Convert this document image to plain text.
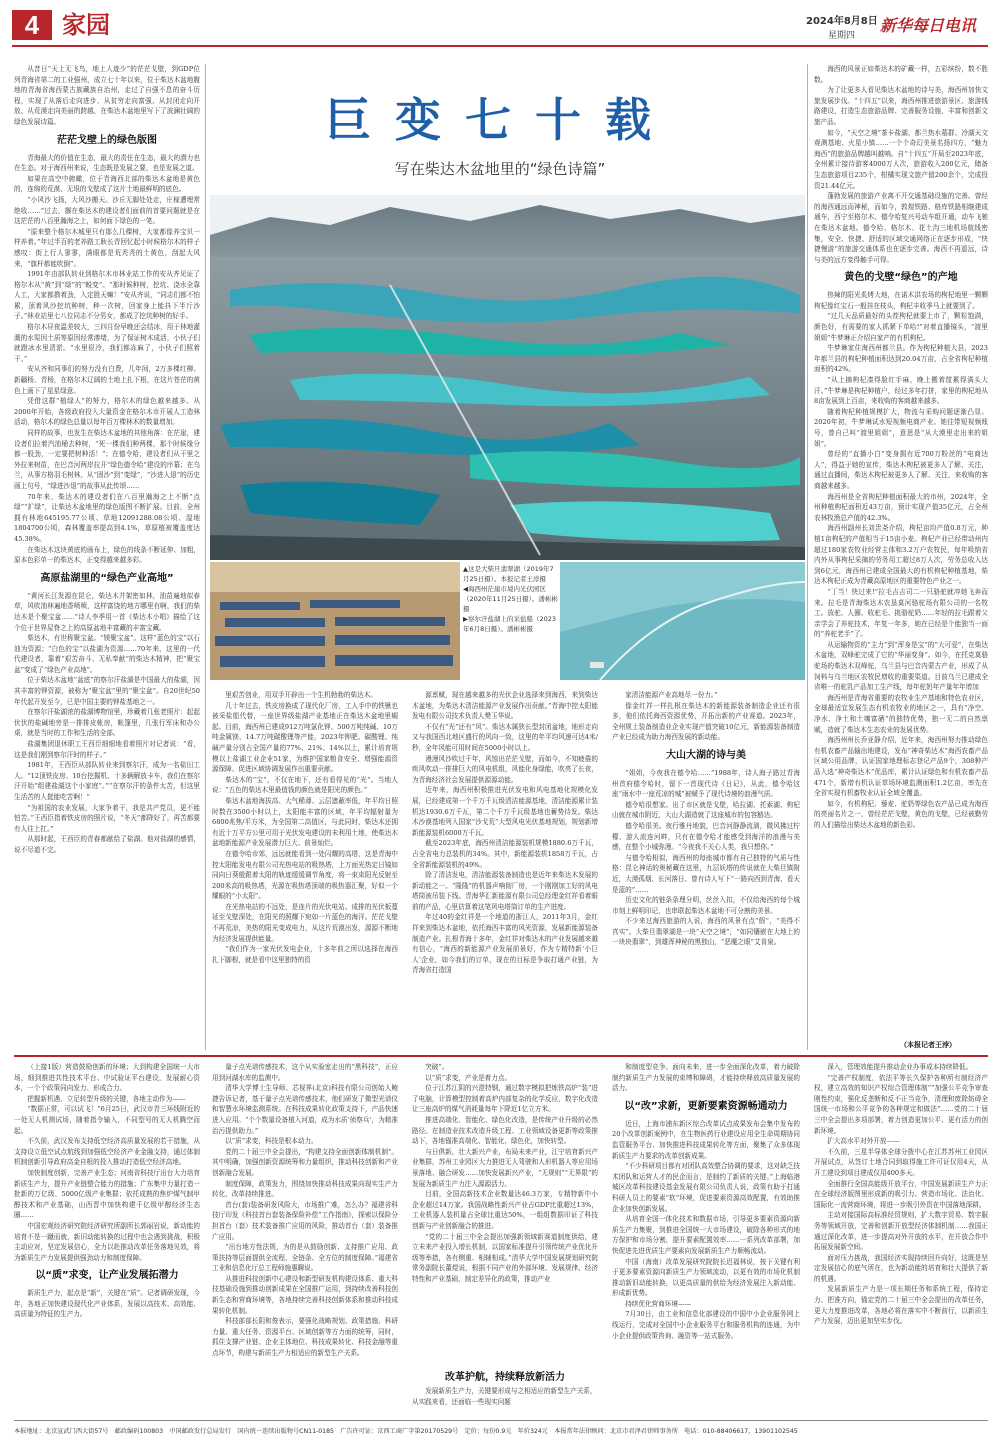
4 家园	2024年8月8日
星期四
新华每日电讯
巨变七十载
写在柴达木盆地里的“绿色诗篇”
▲这是大柴旦翡翠湖（2019年7月25日摄）。本报记者王浡摄
◀海西州茫崖市境内光伏园区（2020年11月25日摄）。潘彬彬摄
▶察尔汗盐湖上的采盐船（2023年6月8日摄）。潘彬彬摄

从昔日“天上无飞鸟，地上人迹少”的茫茫戈壁，到GDP位列青海省第二的工业强州，成立七十年以来，位于柴达木盆地腹地的青海省海西蒙古族藏族自治州，走过了自强不息的奋斗历程，实现了从落后走向进步、从贫穷走向富强、从封闭走向开放、从荒漠走向美丽的跨越，在柴达木盆地里写下了波澜壮阔的绿色发展诗篇。

茫茫戈壁上的绿色版图

青海最大的价值在生态，最大的责任在生态，最大的潜力也在生态。对于海西州来说，生态既是发展之要，也是发展之道。

如果在高空中俯瞰，位于青海西北部的柴达木盆地是黄色的，连绵的荒漠、无垠的戈壁成了这片土地最鲜明的底色。

“小风沙飞扬，大风沙搬天。沙丘无脚处处走，庄稼遭埋常绝收……”过去，撂在柴达木的建设者们面前的首要问题就是在这茫茫的八百里瀚海之上，如何面下绿色的一笔。

“原来整个格尔木城里只有那么几棵树，大家都像养宝贝一样养着。”年过半百的老养路工耿长青回忆起小时候格尔木的样子感叹：街上行人寥寥，满眼都是荒秃秃的土黄色，刮起大风来，“旗杆都能吹倒”。

1991年由部队转业到格尔木市林业站工作的安从齐见证了格尔木从“黄”到“绿”的“蜕变”。“那时候种树，挖坑、浇水全靠人工，大家都撸着劲，入定胜天嘛！”安从齐说，“同志们都不怕累，顶着风沙挖坑种树，种一次树，回家身上能抖下半斤沙子。”林业站里七八位同志不分男女，都成了挖坑种树的好手。

格尔木昼夜温差较大，三四月份早晚还会结冰，用于林地灌溉的水渠因土质等原因经常渗堵，为了保证树木成活，小伙子们就蹬冰水里清淤。“水里很冷，我们都冻麻了，小伙子们照着干。”

安从齐和同事们的努力没有白费，几年间，2万多棵红柳、新疆杨、青杨，在格尔木辽阔的土地上扎下根，在这片苍茫的黄色上画下了星星绿意。

凭借这群“植绿人”的努力，格尔木的绿色越来越多。从2000年开始，各级政府投入大量资金在格尔木市开展人工造林活动，格尔木的绿色总量以每年百万棵林木的数量增加。

同样的故事，也发生在柴达木盆地的其他角落：在茫崖，建设者们拉着汽油桶去种树，“死一棵我们种两棵，那个时候缘分都一股劲，一定要把树种活！”；在德令哈，建设者们从干里之外拉来树苗，在巴音河两岸拉开“绿色德令哈”建设的序幕；在乌兰，从事方格羽毛树林，从“固沙”到“变绿”，“沙进人退”的历史画上句号，“绿进沙退”的故事从此传颂……

70年来，柴达木的建设者们在八百里瀚海之上不断“点绿”“扩绿”，让柴达木盆地里的绿色版图不断扩展。目前，全州拥有林地645195.77公顷、草地12091288.08公顷、湿地1804700公顷，森林覆盖率提高到4.1%，草原植被覆盖度达45.38%。

在柴达木这块黄底的画布上，绿色的线条不断延伸、加粗，原本色彩单一的柴达木，正变得越来越多彩。

高原盐湖里的“绿色产业高地”

“黄河长江发源在昆仑，柴达木井架密如林，油苗遍地似春草，风吹油林遍地香喷喷，这样富饶的地方哪里有啊，我们的柴达木是个聚宝盆……”诗人李季用一首《柴达木小唱》描绘了这个位于世界屋脊之上的高原盆地丰富藏的丰富宝藏。

柴达木，有世称聚宝盆。“镁聚宝盆”。这样“蓝色的宝”以石油为资源；“白色的宝”以盐湖为资源……70年来，这里的一代代建设者，靠着“艰苦奋斗、无私奉献”的柴达木精神，把“聚宝盆”变成了“绿色产业高地”。

位于柴达木盆地“盆底”的察尔汗盐湖是中国最大的盐湖，因其丰富的钾资源，被称为“聚宝盆”里的“聚宝盆”。自20世纪50年代起开发至今，已是中国主要的钾盐基地之一。

在察尔汗盐湖浓的盐湖博物馆里，珍藏着几张老照片：起起伏伏的盐碱地旁是一排排皮帐房，帐篷里，几张行军床和办公桌，就是当时的工作和生活的全部。

盐湖集团退休职工王西臣细细地看着照片对记者说：“看，这是我们刚到察尔汗时的样子。”

1981年，王西臣从部队转业来到察尔汗，成为一名盐田工人。“12顶铁皮房、10台挖掘机、十多辆解放卡车，我们在察尔汗开始“组建盐湖这个小家庭”。”“在察尔汗的条件太苦，但这里生活苦的人挺能吃苦啊！”

“为祖国的农业发展，大家争着干，我是共产党员，更不能怕苦。”王西臣指着铁皮房的照片说，“冬天”都降好了，再苦都要有人往上扛。”

从那时起，王西臣的青春都献给了盐湖。他对盐湖的感情，说不尽道不完。

里艰苦创业，用双手开辟出一个生机勃勃的柴达木。

几十年过去，铁皮房换成了现代化厂房，工人手中的铁锹也被采盐船代替，一座世界级盐湖产业基地正在柴达木盆地里崛起。目前，海西州已建成912万吨氯化钾、500万吨纯碱、10万吨金属镁、14.7万吨碳酸锂等产能，2023年钾肥、碳酸锂、纯碱产量分别占全国产量的77%、21%、14%以上，累计培育规模以上盐湖工业企业51家，为维护国家粮食安全、增强能源资源保障、促进区域协调发展作出重要贡献。

柴达木的“宝”，不仅在地下，还有看得见的“光”。当地人说：“五色的柴达木里最值钱的颜色就是阳光的颜色。”

柴达木盆地海拔高、大气稀薄、云层遮蔽率低，年平均日照时数在3500小时以上，太阳能丰富的区域，年平均辐射量为6800兆焦/平方米，为全国第二高值区，与此同时，柴达木还拥有近十万平方公里可用于光伏发电建设的未利用土地，使柴达木盆地新能源产业发展潜力巨大、前景灿烂。

在德令哈市郊，远远就能看到一处闪耀的高塔，这是青海中控太阳能发电有限公司光热电站的吸热塔，上万面光热定日镜如同向日葵般跟着太阳的轨迹缓缓调节角度，将一束束阳光反射至200米高的吸热塔，光源在吸热塔顶端的吸热器汇聚，好似一个耀眼的“小太阳”。

在光热电站的不远处，是连片的光伏电站。成排的光伏板蔓延至戈壁深处，在阳光的照耀下宛如一片蓝色的海洋。茫茫戈壁不再荒凉，美热的阳光变成电力，从这片荒漠出发，源源不断地为经济发展提供能量。

“我们作为一家光伏发电企业，十多年前之所以选择在海西扎下脚根，就是看中这里独特的资

源禀赋，现在越来越多的光伏企业选择来到海西，来到柴达木盆地，为柴达木清洁能源产业发展作出贡献。”青海中控太阳能发电有限公司技术负责人樊玉华说。

不仅有“光”还有“风”。柴达木属狭长型封闭盆地，地形走向又与我国西北地区盛行的风向一致，这里的年平均风速可达4米/秒，全年风能可用时间在5000小时以上。

漫漫风沙吹过千年，风蚀出茫茫戈壁，而如今，不知疲倦的疾风吹动一排排巨大的风电机组，风能化身绿能，吹亮了长夜，为青海经济社会发展提供源源动能。

近年来，海西州积极推进光伏发电和风电基地化规模化发展，已经建成第一个千万千瓦级清洁能源基地，清洁能源累计装机达1930.6万千瓦，第二个千万千瓦级基地也蓄势待发。柴达木沙漠基地列入国家“沙戈荒”大型风电光伏基地规划，规划新增新能源装机6000万千瓦。

截至2023年底，海西州清洁能源装机规模1880.6万千瓦，占全省电力总装机的34%。其中，新能源装机1858万千瓦，占全省新能源装机的49%。

除了清洁发电，清洁能源装备制造也是近年来柴达木发展的新动能之一。“隆隆”的机器声响彻厂房，一个刚刚加工好的风电塔筒被吊装下线。青海华汇新能源有限公司总经理金红祥看着眼前的产品，心里估算着这笔风电塔筒订单的生产进度。

年过40的金红祥是一个地道的浙江人，2011年3月，金红祥来到柴达木盆地，依托海西丰富的风光资源，发展新能源装备制造产业。扎根青海十多年，金红祥对柴达木的产业发展越来越有信心，“海西的新能源产业发展前景好，作为专精特新‘小巨人’企业，如今我们的订单，现在的目标是争取打通产业链，为青海省打造国

家清洁能源产业高地尽一份力。”

像金红祥一样扎根在柴达木的新能源装备制造企业还有很多，他们依托海西资源优势，开拓出新的产业赛道。2023年，全州规上装备制造业企业实现产值突破10亿元，新能源装备制造产业已经成为助力海西发展的新动能。

大山大湖的诗与美

“姐姐，今夜我在德令哈……”1988年，诗人海子路过青海州首府德令哈时，留下一首现代诗《日记》，从此，德令哈这座“雨水中一座荒凉的城”被赋予了现代诗境的浪漫气质。

德令哈很想家。出了市区就是戈壁，哈拉湖、托素湖、枸杞山就在城市附近，大山大湖造就了这座城市的包容豁达。

德令哈很美。夜行雅丹地貌，巴音河静静流淌，微风拂过柠檬、游人流连河畔，只有在德令哈才能感受到海洋的浪漫与美感，在整个小城弥漫。“今夜我不关心人类，我只想你。”

与德令哈相似，海西州的每座城市都有自己独特的气质与性格：昆仑神话的奥秘藏在这里，九层妖塔的传说就在大柴旦镇附近，大漠孤烟、长河落日、曾有诗人写下“一路向西到青海，看天是蓝的”……

历史文化的链条条理分明，丝丝入扣，不仅给海西的每个城市刻上鲜明印记，也串联起柴达木盆地不可分割的美景。

不少来过海西旅游的人说，海西的风景有点“假”，“美得不真实”。大柴旦翡翠湖是一块“天空之境”，“如同镶嵌在大地上的一块块翡翠”，到雄浑神秘的黑独山，“恶魔之眼”艾肯泉。

海西的风景正如柴达木的矿藏一样，五彩缤纷，数不胜数。

为了让更多人看见柴达木盆地的诗与美，海西州加快文旅发展步伐。“十四五”以来，海西州推进旅游景区、旅游线路建设，打造生态旅游品牌、完善服务设施，丰富和创新文旅产品。

如今，“天空之境”茶卡盐湖、都兰热水墓群、冷湖天文观测基地、火星小镇……一个个奇幻美景名扬四方，“魅力海西”的旅游品牌越叫越响。自“十四五”开局至2023年底，全州累计接待游客4000万人次，旅游收入200亿元，储备生态旅游项目235个，柑橘实现文旅产值200余个，完成投资21.44亿元。

蓬勃发展的旅游产业离不开交通基础设施的完善。曾经的海西通远而神秘，而如今，敦煌铁路、格库铁路相继建成通车，西宁至格尔木、德令哈复兴号动车组开通，动车飞驰在柴达木盆地。德令哈、格尔木、花土沟三地机场航线密集，安全、快捷、舒适的区域交通网络正在逐步形成，“快捷慢游”的旅游交通体系也在逐步完善。海西不再遥远，诗与美的远方变得触手可得。

黄色的戈壁“绿色”的产地

热辣的阳光炙烤大地，在诺木洪农场的枸杞地里一颗颗枸杞像红宝石一般挂在枝头，枸杞丰收季马上就要到了。

“过几天品质最好的头茬枸杞就要上市了，颗粒饱满，颜色好，有需要的家人抓紧下单哈!”对着直播镜头，“渡里姐姐”牛梦琳正介绍自家产的有机枸杞。

牛梦琳家住海西州都兰县。作为枸杞种植大县，2023年都兰县的枸杞种植面积达到20.04万亩，占全省枸杞种植面积的42%。

“从上摘枸杞凑得脸红手麻，晚上搬着筐累得满头大汗。”牛梦琳是枸杞种植户，经过多年打拼，家里的枸杞地从8亩发展到上百亩，来收购的客商越来越多。

随着枸杞种植规模扩大，物流与采购问题逐渐凸显。2020年初，牛梦琳试水短视频电商产业。她往带短视频账号，曾自己叫“渡里姐姐”，意思是“从大漠里走出来的姐姐”。

曾经的“直播小白”变身拥有近700万粉丝的“电商达人”，得益于她的宣传，柴达木枸杞被更多人了解、关注，通过直播间，柴达木枸杞被更多人了解、关注，来收购的客商越来越多。

海西州是全省枸杞种植面积最大的市州，2024年，全州种植枸杞面积近43万亩，预计实现产值35亿元，占全州农林牧渔总产值的42.3%。

海西州副州长刘贵尧介绍，枸杞亩均产值0.8万元，种植1亩枸杞的产值相当于15亩小麦。枸杞产业已经带动州内超过180家农牧业经营主体和3.2万户农牧民，每年吸纳省内外从事枸杞采摘的劳务用工超过8万人次，劳务总收入达到6亿元，海西州已建成全国最大的有机枸杞种植基地，柴达木枸杞正成为青藏高原地区的重要特色产业之一。

“丁当！快过来!”拉毛吉吉司二一只骆驼就冲她飞奔而来。拉毛是青海柴达木农垦莫河骆驼场有限公司的一名牧工。放驼、人圈、收驼毛、挑骆驼奶……年轻的拉毛跟着父亲学会了养驼技术，年复一年多，她在已经是个能独当一面的“养驼老手”了。

从运输物资的“主力”到“浑身是宝”的“大可爱”，在柴达木盆地，双峰驼完成了它的“华丽变身”。如今，在托克莫骆驼场的柴达木双峰驼，乌兰县与巴音内蒙古产业，形成了从饲料与乌兰地区农牧民增收的重要渠道。目前乌兰已建成全省唯一的驼乳产品加工生产线，每年驼奶年产量年年增加

海西州是青海省重要的农牧业生产基地和特色农业区，全球最适宜发展生态有机农牧业的地区之一，具有“净空、净水、净土和土壤富硒”的独特优势，独一无二的自然禀赋，造就了柴达木生态农业的发展优势。

海西州州长乔亚静介绍，近年来，海西州努力推动绿色有机农畜产品输出地建设，发布“神奇柴达木”海西农畜产品区域公用品牌，认证国家地理标志登记产品9个，308种产品入选“神奇柴达木”优品库，累计认证绿色和有机农畜产品471个，新增有机认证草场环境监测面积1.2亿亩，率先在全省实现有机畜牧业认证全域全覆盖。

如今，有机枸杞、藜麦、驼奶等绿色农产品已成为海西的亮丽名片之一，曾经茫茫戈壁，黄色的戈壁，已经被勤劳的人们描绘出柴达木盆地的新色彩。

（本报记者王浡）

（上接1版）营造鼓励创新的环境；大到构建全国统一大市场，细到推进共性技术平台、中试验证平台建设，发展耐心资本，一个个政策同向发力、形成合力。

把握新机遇、立足转型升级的关键，各地主动作为——

“数据正常，可以试飞！”6月25日，武汉市青三环线附近的一处无人机测试场，随着指令输入，不同型号的无人机腾空而起。

不久前，武汉发布支持低空经济高质量发展的若干措施，从支持设立低空试点航线到加强低空经济产业金融支持，通过体制机制创新引导政府高金自根的投入推动打造低空经济高地。

加快制度创新，完善产业生态；河南省科技厅出台大力培育新质生产力，提升产业链整合能力的措施；广东集中力量打造一批新的万亿级、5000亿级产业集群；依托成熟的焦炉煤气制甲醇技术和产业基础，山西晋中加快构建千亿级甲醇经济生态圈……

中国宏观经济研究院经济研究所副所长郭丽岩说，新动能的培育不是一蹴而就，新旧动能转换的过程中也会遇到挑战，积极主动应对，坚定发展信心，全力以赴推动改革任务落地见效，将为新质生产力发展提供强劲动力和制度保障。

以“质”求变，让产业发展拓潜力

新质生产力，起点是“新”，关键在“质”。记者调研发现，今年，各地正加快建设现代化产业体系，发展以高技术、高效能、高质量为特征的生产力。

量子点光谱传感技术，这个从实验室走出的“黑科技”，正应用到河湖水库的监测中。

清华大学博士生导师、芯视界(北京)科技有限公司创始人鲍捷告诉记者，基于量子点光谱传感技术，他们研发了微型光谱仪和智慧水环境监测系统。在科技成果转化政策支持下，产品快速进入应用。“个个数量设备植入河道，成为水质‘侦察兵’，为精准治污提供助力。”

以“质”求变，科技是根本动力。

党的二十届三中全会提出，“构建支持全面创新体制机制”。其中明确，加强创新资源统筹和力量组织，推动科技创新和产业创新融合发展。

制度保障，政策发力，围绕加快推动科技成果向现实生产力转化，改革持续推进。

首台(套)装备研发风险大，市场推广难，怎么办？福建省科技厅印发《科技首台套装备保险补偿”工作指南》，探索以保险分担首台（套）技术装备推广应用的风险，推动首台（套）装备推广应用。

“出台地方性法规，为的是从鼓励创新、支持推广应用、政策扶持等层面提供全流程、全链条、全方位的制度保障。”福建省工业和信息化厅总工程师施惠聊说。

从推进科技创新中心建设和新型研发机构建设体系、重大科技基础设施到推动创新成果在全国推广运用，到持续改善科技创新生态和营商环境等，各地持续完善科技创新体系和推动科技成果转化机制。

科技部部长阴和俊表示，要强化战略规划、政策措施、科研力量、重大任务、资源平台、区域创新等方力面的统筹，同时，抓住支撑产业链、企业主体地位、科技成果转化、科技金融等重点环节，构建与新质生产力相适应的新型生产关系。

突破”。

以“质”求变，产业是着力点。

位于江苏江阴的兴澄特钢，通过数字模拟把炼铁高炉“装”进了电脑，计算模型控制着高炉内部复杂的化学反应，数字化改造让三座高炉的煤气消耗量每年下降近1亿立方米。

推进高端化、智能化、绿色化改造，是传统产业升级的必然路径。在制造业技术改造升级工程、工业领域设备更新等政策推动下，各地锚准高端化、智能化、绿色化，加快转型。

与日俱新，壮大新兴产业，布局未来产业，江宁培育新兴产业集群，苏州工业园区大力推进无人驾驶和人形机器人等应用场景落地、融合研发……加快发展新兴产业，“无规则”“无界限”的发展为新质生产力注入源源活力。

目前，全国高新技术企业数量达46.3万家，专精特新中小企业超过14万家。我国战略性新兴产业占GDP比重超过13%，工业机器人装机量占全球比重达50%，一组组数据印证了科技创新与产业创新融合的推进。

“党的二十届三中全会提出加强新领域新赛道制度供给，建立未来产业投入增长机制，以国家标准提升引领传统产业优化升级等举措，各有侧重、相辅相成。”清华大学中国发展规划研究院常务副院长董煜说，根据不同产业的外部环境、发展规律、经济特性和产业基础，制定差异化的政策，推动产业

和制度型竞争。面向未来，进一步全面深化改革，着力破除制约新质生产力发展的束缚和障碍，才能持续释放高质量发展的活力。

以“改”求新，更新要素资源畅通动力

近日，上海市浦东新区综合改革试点成果发布会集中发布的20个改革创新案例中，在生物医药行业建设应用全生命周期协同监管服务平台、加快推进科技成果转化等方面，聚集了众多体现新质生产力要求的改革创新成果。

“不少科研项目都有对团队高效整合协调的要求，这对缺乏技术团队和运营人才的民企而言，是制约了新质的关键。”上海临港城区改革科技建设基金发展有限公司负责人说，政策有助于打通科研人员上的要素“软”环境，促进要素资源高效配置，有效助推企业加快创新发展。

从培育全国一体化技术和数据市场，引导更多要素资源向新质生产力集聚，到推进全国统一大市场建设，破除各种形式的地方保护和市场分割，提升要素配置效率……一系列改革部署，加快促进先进优质生产要素向发展新质生产力顺畅流动。

中国（海南）改革发展研究院院长迟福林说，按下关键有利于更多要素资源向新质生产力领域流动，以更有效的市场化机制推动新旧动能转换，以更高质量的供给为经济发展注入新动能、形成新优势。

持续优化营商环境——

7月30日，由工业和信息化部建设的中国中小企业服务网上线运行，完成对全国中小企业服务平台和服务机构的连通，为中小企业提供政策咨询、融资等一站式服务。

深入，管理效能提升推动企业办事成本持续降低。

“完善产权制度，依法平等长久保护各种所有制经济产权，建立高效的知识产权综合管理体制”“加强公平竞争审查刚性约束，强化反垄断和反不正当竞争，清理和废除妨碍全国统一市场和公平竞争的各种规定和做法”……党的二十届三中全会提出多项部署，着力创造更加公平、更有活力的创新环境。

扩大高水平对外开放——

不久前，三星半导体全球分拨中心在江苏苏州工业园区开展试点，从签订土地合同到取得施工许可证仅用4天，从开工建设到项目建成仅用400多天。

全面推行全国高能级开放平台，中国发展新质生产力正在全球经济版图里形成新的吸引力。营造市场化、法治化、国际化一流营商环境，将进一步吸引外资在中国落地深耕。

主动对接国际高标准经贸规则，扩大数字贸易、数字服务等领域开放，完善和创新开放型经济体制机制……我国正通过深化改革，进一步提高对外开放的水平，在开放合作中拓展发展新空间。

面对压力挑战，我国经济实现持续回升向好，这既是坚定发展信心的底气所在，也为新动能的培育和壮大提供了新的机遇。

发展新质生产力是一项长期任务和系统工程，保持定力、把准方向，锚定党的二十届三中全会提出的改革任务，更大力度推进改革，各地必将在落实中不断前行，以新质生产力发展，迈出更加坚实步伐。

改革护航，持续释放新活力
发展新质生产力，关键要形成与之相适应的新型生产关系，从实践来看，还面临一些现实问题
本报地址：北京宣武门西大街57号　邮政编码100803　中国邮政发行总局发行　国内统一连续出版物号CN11-0185　广告许可证：京西工商广字第20170529号　定价：每份0.9元　年价324元　本报常年法律顾问：北京市君泽君律师事务所　电话：010-88406617，13901102545
